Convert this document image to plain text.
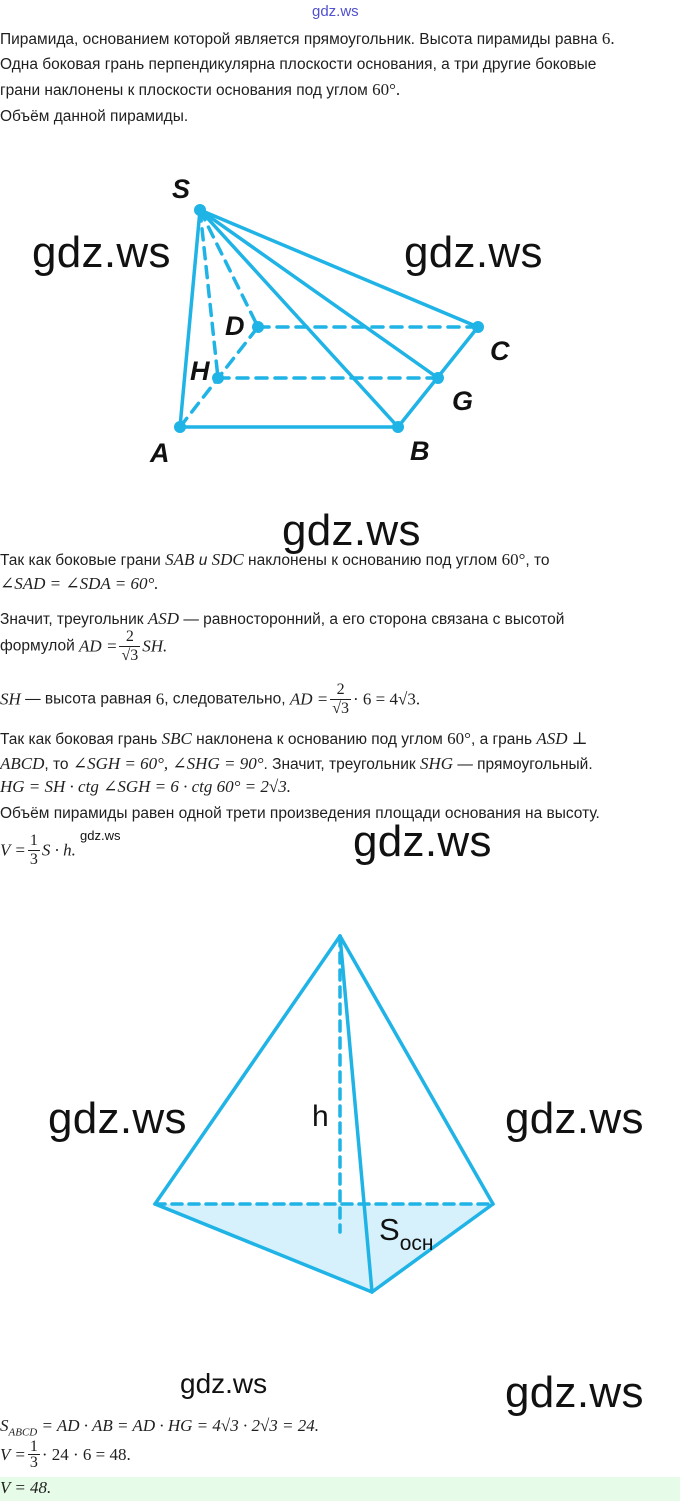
gdz.ws
Пирамида, основанием которой является прямоугольник. Высота пирамиды равна 6.
Одна боковая грань перпендикулярна плоскости основания, а три другие боковые
грани наклонены к плоскости основания под углом 60°.
Объём данной пирамиды.
S
D
C
H
G
A	B
gdz.ws	gdz.ws
gdz.ws
Так как боковые грани SAB и SDC наклонены к основанию под углом 60°, то
∠SAD = ∠SDA = 60°.
Значит, треугольник ASD — равносторонний, а его сторона связана с высотой
формулой AD = $\frac{2}{√3}$ SH.
SH — высота равная 6, следовательно, AD = $\frac{2}{√3} \cdot 6 = 4√3$.
Так как боковая грань SBC наклонена к основанию под углом 60°, а грань ASD ⊥
ABCD, то ∠SGH = 60°, ∠SHG = 90°. Значит, треугольник SHG — прямоугольный.
HG = SH · ctg ∠SGH = 6 · ctg 60° = 2√3.
Объём пирамиды равен одной трети произведения площади основания на высоту.
$V = \frac{1}{3}$ S · h.
gdz.ws	gdz.ws
h
$S_{осн}$
gdz.ws	gdz.ws
gdz.ws	gdz.ws
$S_{ABCD}$ = AD · AB = AD · HG = 4√3 · 2√3 = 24.
$V = \frac{1}{3} \cdot 24 \cdot 6 = 48$.
V = 48.
